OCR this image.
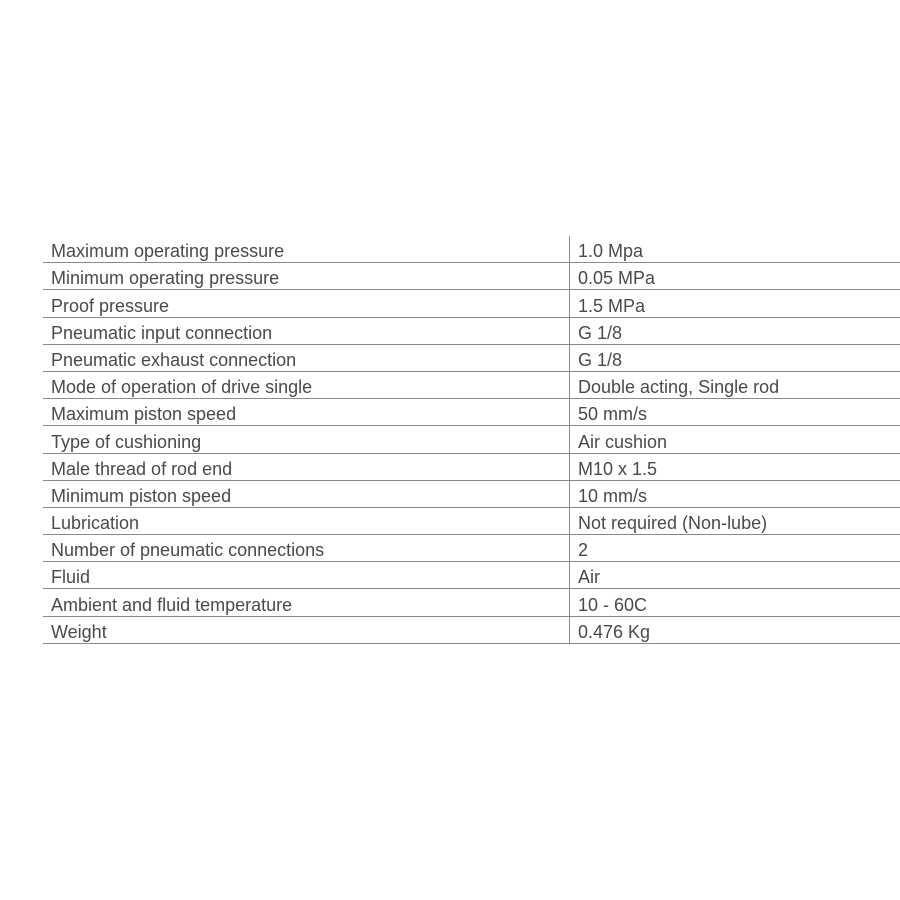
Maximum operating pressure	1.0 Mpa
Minimum operating pressure	0.05 MPa
Proof pressure	1.5 MPa
Pneumatic input connection	G 1/8
Pneumatic exhaust connection	G 1/8
Mode of operation of drive single	Double acting, Single rod
Maximum piston speed	50 mm/s
Type of cushioning	Air cushion
Male thread of rod end	M10 x 1.5
Minimum piston speed	10 mm/s
Lubrication	Not required (Non-lube)
Number of pneumatic connections	2
Fluid	Air
Ambient and fluid temperature	10 - 60C
Weight	0.476 Kg
